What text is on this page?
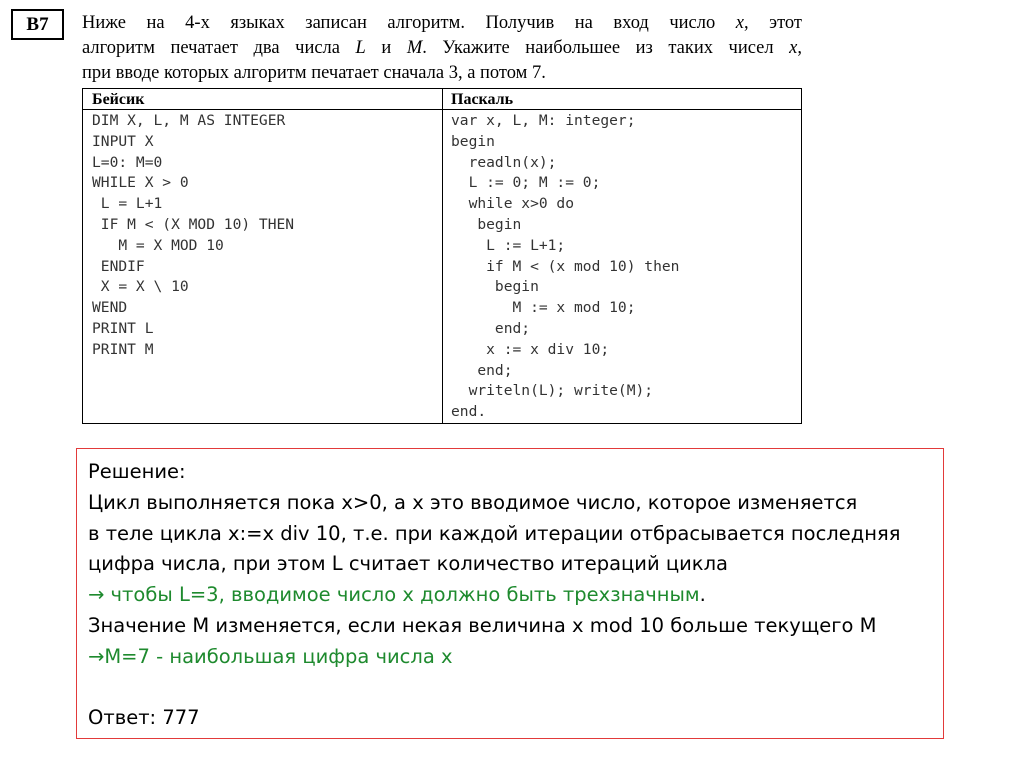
B7	Ниже на 4-х языках записан алгоритм. Получив на вход число x, этот
алгоритм печатает два числа L и M. Укажите наибольшее из таких чисел x,
при вводе которых алгоритм печатает сначала 3, а потом 7.
Бейсик
DIM X, L, M AS INTEGER
INPUT X
L=0: M=0
WHILE X > 0
L = L+1
IF M < (X MOD 10) THEN
M = X MOD 10
ENDIF
X = X \ 10
WEND
PRINT L
PRINT M
Паскаль
var x, L, M: integer;
begin
readln(x);
L := 0; M := 0;
while x>0 do
begin
L := L+1;
if M < (x mod 10) then
begin
M := x mod 10;
end;
x := x div 10;
end;
writeln(L); write(M);
end.
Решение:
Цикл выполняется пока x>0, а x это вводимое число, которое изменяется
в теле цикла x:=x div 10, т.е. при каждой итерации отбрасывается последняя
цифра числа, при этом L считает количество итераций цикла
→ чтобы L=3, вводимое число x должно быть трехзначным.
Значение M изменяется, если некая величина x mod 10 больше текущего M
→M=7 - наибольшая цифра числа x
Ответ: 777
